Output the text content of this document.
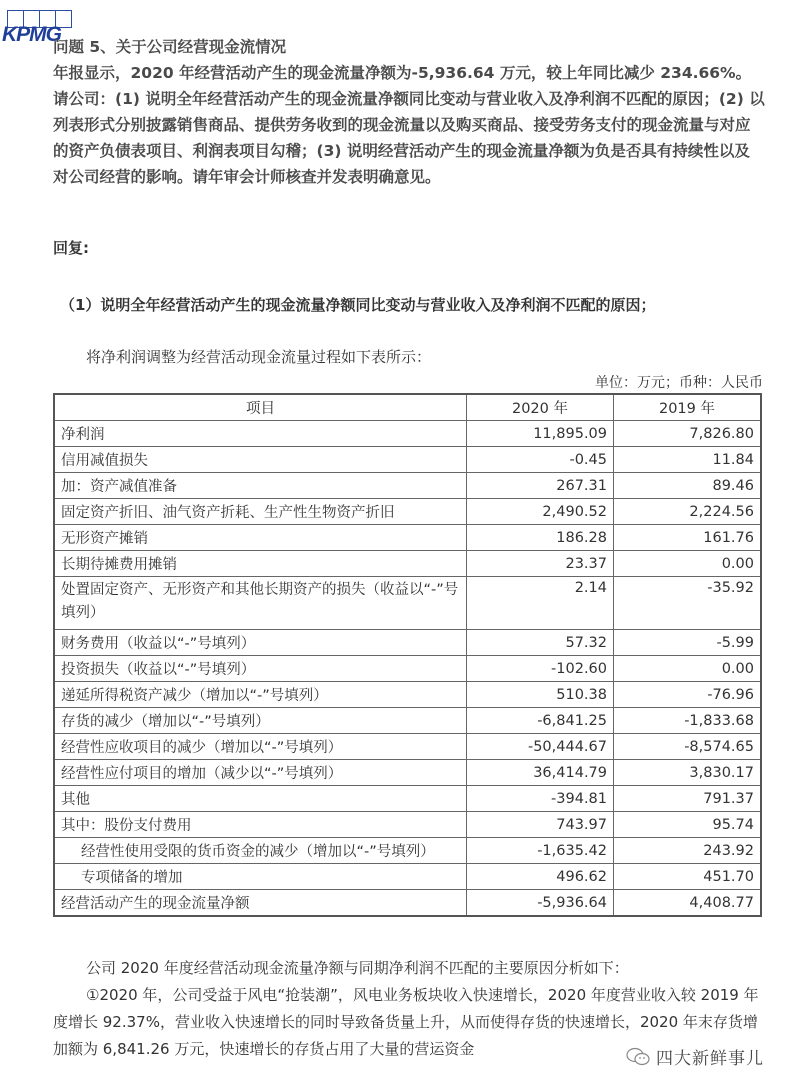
KPMG
问题 5、关于公司经营现金流情况
年报显示，2020 年经营活动产生的现金流量净额为-5,936.64 万元，较上年同比减少 234.66%。请公司：(1) 说明全年经营活动产生的现金流量净额同比变动与营业收入及净利润不匹配的原因；(2) 以列表形式分别披露销售商品、提供劳务收到的现金流量以及购买商品、接受劳务支付的现金流量与对应的资产负债表项目、利润表项目勾稽；(3) 说明经营活动产生的现金流量净额为负是否具有持续性以及对公司经营的影响。请年审会计师核查并发表明确意见。
回复:
（1）说明全年经营活动产生的现金流量净额同比变动与营业收入及净利润不匹配的原因；
将净利润调整为经营活动现金流量过程如下表所示：
单位：万元；币种：人民币
项目	2020 年	2019 年
净利润	11,895.09	7,826.80
信用减值损失	-0.45	11.84
加：资产减值准备	267.31	89.46
固定资产折旧、油气资产折耗、生产性生物资产折旧	2,490.52	2,224.56
无形资产摊销	186.28	161.76
长期待摊费用摊销	23.37	0.00
处置固定资产、无形资产和其他长期资产的损失（收益以“-”号填列）	2.14	-35.92
财务费用（收益以“-”号填列）	57.32	-5.99
投资损失（收益以“-”号填列）	-102.60	0.00
递延所得税资产减少（增加以“-”号填列）	510.38	-76.96
存货的减少（增加以“-”号填列）	-6,841.25	-1,833.68
经营性应收项目的减少（增加以“-”号填列）	-50,444.67	-8,574.65
经营性应付项目的增加（减少以“-”号填列）	36,414.79	3,830.17
其他	-394.81	791.37
其中：股份支付费用	743.97	95.74
经营性使用受限的货币资金的减少（增加以“-”号填列）	-1,635.42	243.92
专项储备的增加	496.62	451.70
经营活动产生的现金流量净额	-5,936.64	4,408.77
公司 2020 年度经营活动现金流量净额与同期净利润不匹配的主要原因分析如下：
①2020 年，公司受益于风电“抢装潮”，风电业务板块收入快速增长，2020 年度营业收入较 2019 年度增长 92.37%，营业收入快速增长的同时导致备货量上升，从而使得存货的快速增长，2020 年末存货增加额为 6,841.26 万元，快速增长的存货占用了大量的营运资金	四大新鲜事儿
